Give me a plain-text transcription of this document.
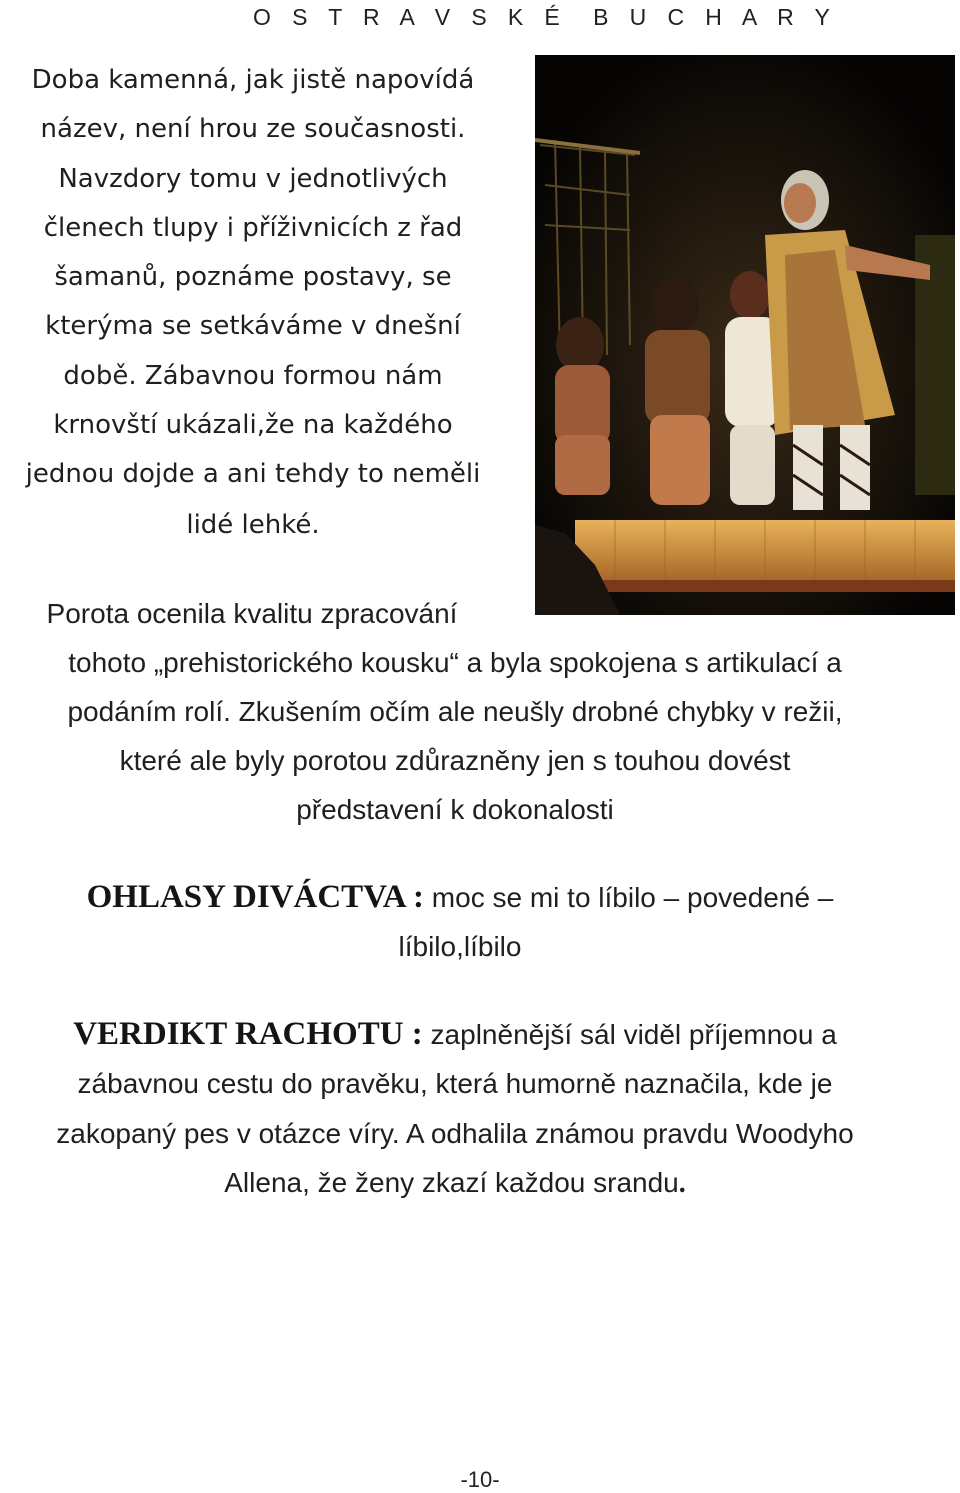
O S T R A V S K É B U C H A R Y
Doba kamenná, jak jistě napovídá
název, není hrou ze současnosti.
Navzdory tomu v jednotlivých
členech tlupy i příživnicích z řad
šamanů, poznáme postavy, se
kterýma se setkáváme v dnešní
době. Zábavnou formou nám
krnovští ukázali,že na každého
jednou dojde a ani tehdy to neměli
lidé lehké.
Porota ocenila kvalitu zpracování
tohoto „prehistorického kousku“ a byla spokojena s artikulací a
podáním rolí. Zkušením očím ale neušly drobné chybky v režii,
které ale byly porotou zdůrazněny jen s touhou dovést
představení k dokonalosti
OHLASY DIVÁCTVA : moc se mi to líbilo – povedené –
líbilo,líbilo
VERDIKT RACHOTU : zaplněnější sál viděl příjemnou a
zábavnou cestu do pravěku, která humorně naznačila, kde je
zakopaný pes v otázce víry. A odhalila známou pravdu Woodyho
Allena, že ženy zkazí každou srandu.
-10-
